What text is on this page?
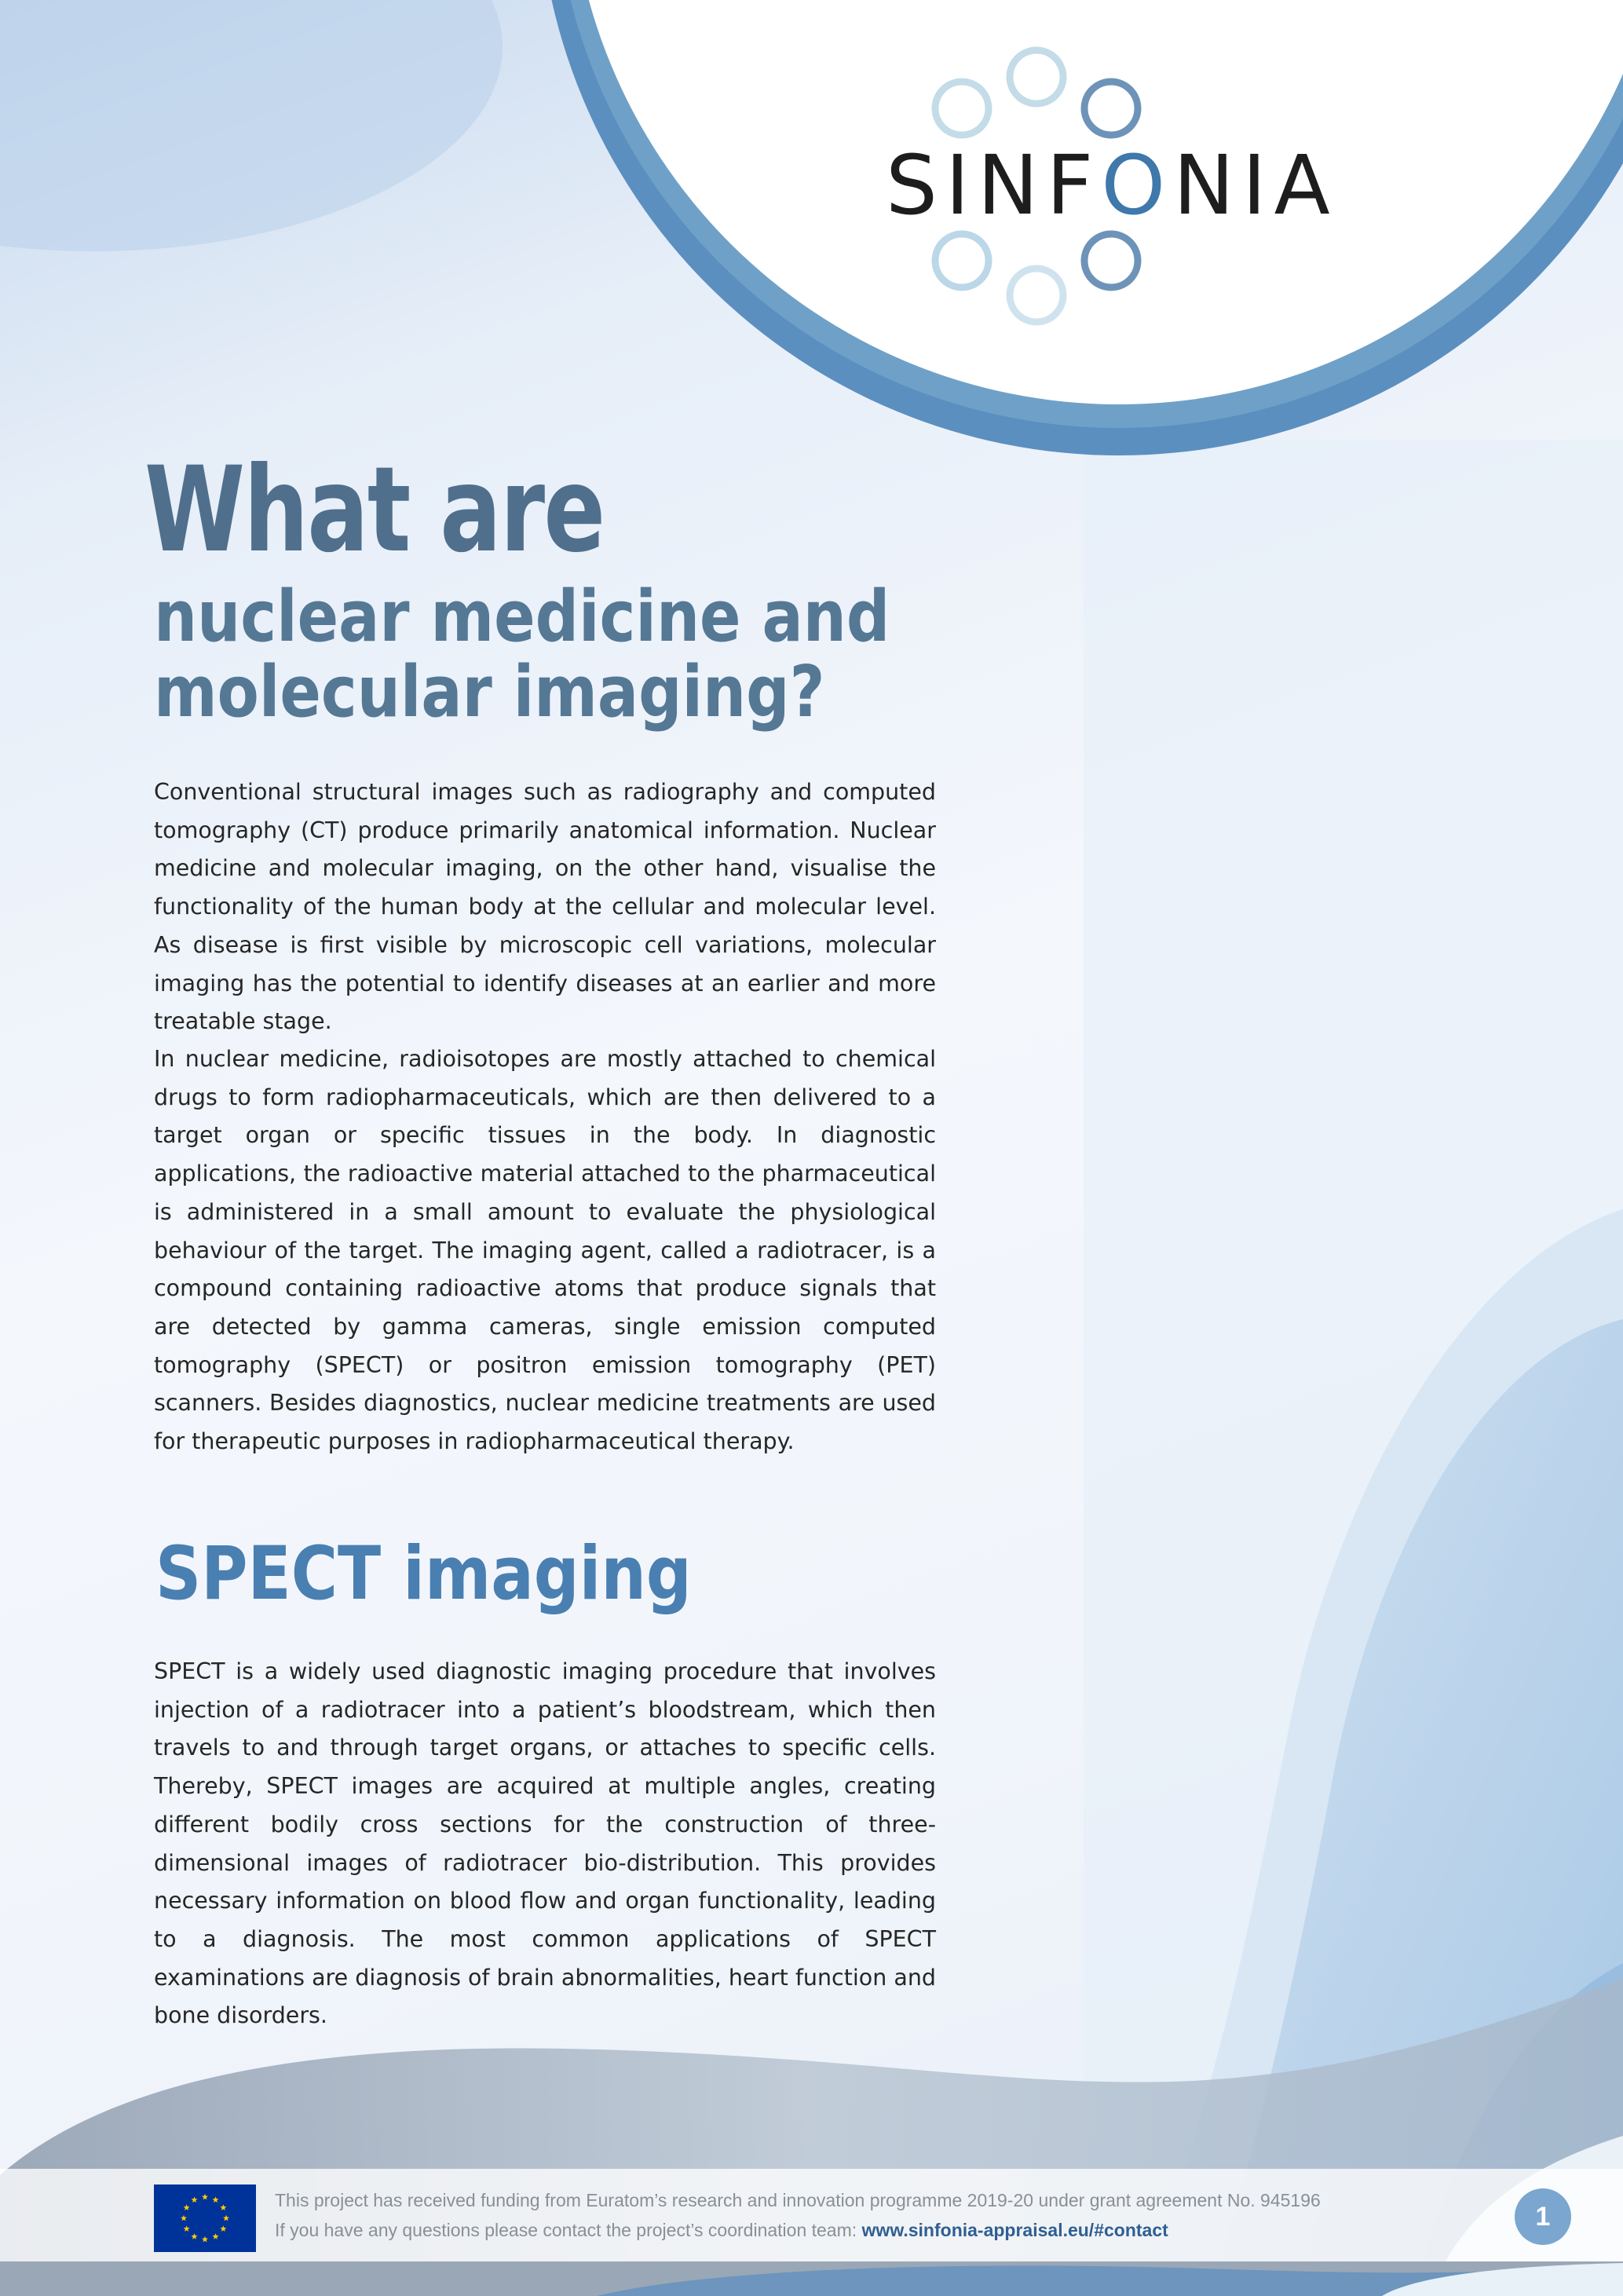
SINFONIA
What are
nuclear medicine and
molecular imaging?

Conventional structural images such as radiography and computed tomography (CT) produce primarily anatomical information. Nuclear medicine and molecular imaging, on the other hand, visualise the functionality of the human body at the cellular and molecular level. As disease is first visible by microscopic cell variations, molecular imaging has the potential to identify diseases at an earlier and more treatable stage.

In nuclear medicine, radioisotopes are mostly attached to chemical drugs to form radiopharmaceuticals, which are then delivered to a target organ or specific tissues in the body. In diagnostic applications, the radioactive material attached to the pharmaceutical is administered in a small amount to evaluate the physiological behaviour of the target. The imaging agent, called a radiotracer, is a compound containing radioactive atoms that produce signals that are detected by gamma cameras, single emission computed tomography (SPECT) or positron emission tomography (PET) scanners. Besides diagnostics, nuclear medicine treatments are used for therapeutic purposes in radiopharmaceutical therapy.

SPECT imaging

SPECT is a widely used diagnostic imaging procedure that involves injection of a radiotracer into a patient’s bloodstream, which then travels to and through target organs, or attaches to specific cells. Thereby, SPECT images are acquired at multiple angles, creating different bodily cross sections for the construction of three-dimensional images of radiotracer bio-distribution. This provides necessary information on blood flow and organ functionality, leading to a diagnosis. The most common applications of SPECT examinations are diagnosis of brain abnormalities, heart function and bone disorders.

This project has received funding from Euratom’s research and innovation programme 2019-20 under grant agreement No. 945196

If you have any questions please contact the project’s coordination team: www.sinfonia-appraisal.eu/#contact	1
